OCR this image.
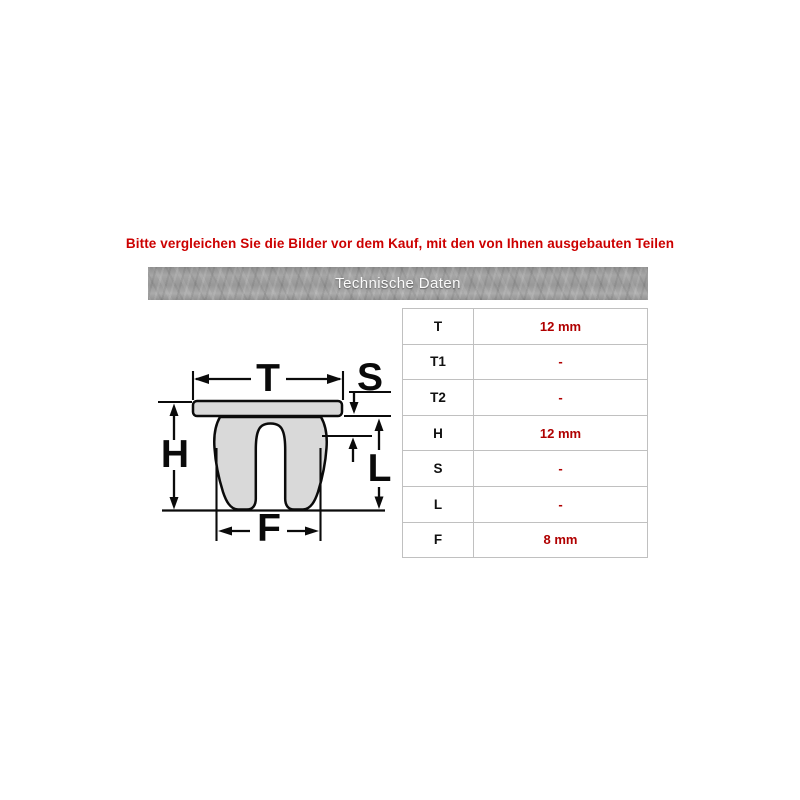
Bitte vergleichen Sie die Bilder vor dem Kauf, mit den von Ihnen ausgebauten Teilen
Technische Daten
T S
H	L
F
T	12 mm
T1	-
T2	-
H	12 mm
S	-
L	-
F	8 mm
